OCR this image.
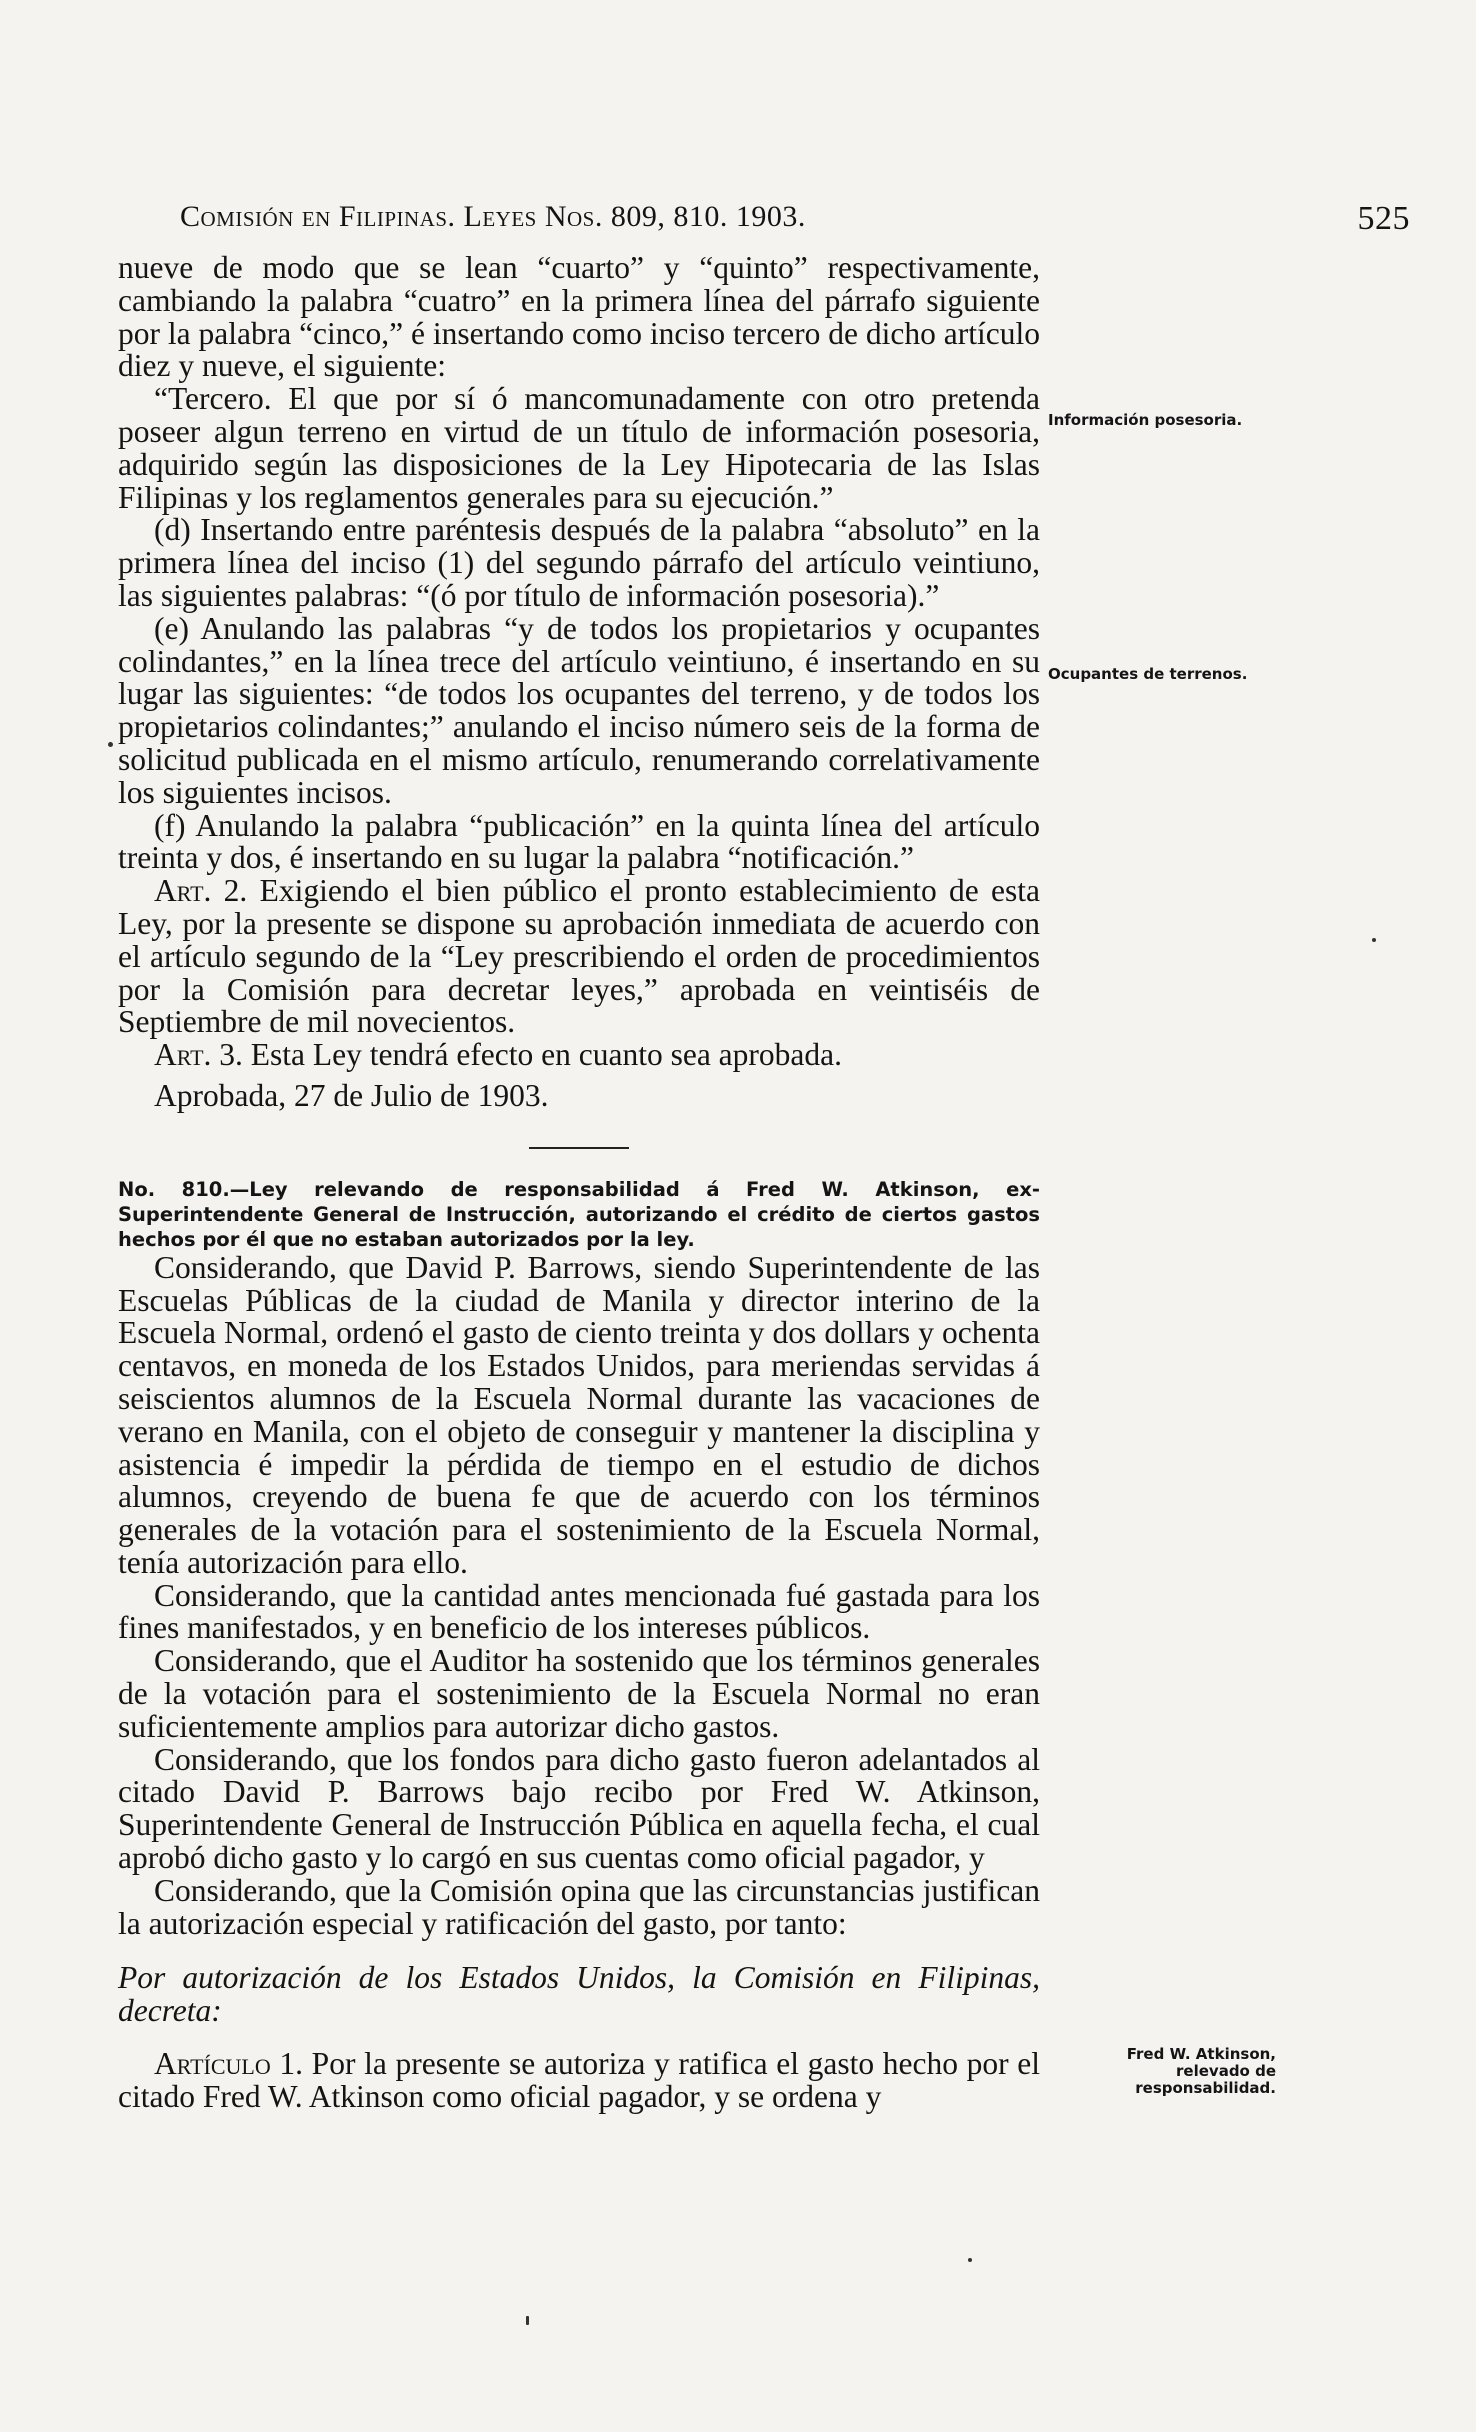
Comisión en Filipinas. Leyes Nos. 809, 810. 1903.	525

nueve de modo que se lean “cuarto” y “quinto” respectivamente, cambiando la palabra “cuatro” en la primera línea del párrafo siguiente por la palabra “cinco,” é insertando como inciso tercero de dicho artículo diez y nueve, el siguiente:

“Tercero. El que por sí ó mancomunadamente con otro pretenda poseer algun terreno en virtud de un título de información posesoria, adquirido según las disposiciones de la Ley Hipotecaria de las Islas Filipinas y los reglamentos generales para su ejecución.”

(d) Insertando entre paréntesis después de la palabra “absoluto” en la primera línea del inciso (1) del segundo párrafo del artículo veintiuno, las siguientes palabras: “(ó por título de información posesoria).”

(e) Anulando las palabras “y de todos los propietarios y ocupantes colindantes,” en la línea trece del artículo veintiuno, é insertando en su lugar las siguientes: “de todos los ocupantes del terreno, y de todos los propietarios colindantes;” anulando el inciso número seis de la forma de solicitud publicada en el mismo artículo, renumerando correlativamente los siguientes incisos.

(f) Anulando la palabra “publicación” en la quinta línea del artículo treinta y dos, é insertando en su lugar la palabra “notificación.”

Art. 2. Exigiendo el bien público el pronto establecimiento de esta Ley, por la presente se dispone su aprobación inmediata de acuerdo con el artículo segundo de la “Ley prescribiendo el orden de procedimientos por la Comisión para decretar leyes,” aprobada en veintiséis de Septiembre de mil novecientos.

Art. 3. Esta Ley tendrá efecto en cuanto sea aprobada.

Aprobada, 27 de Julio de 1903.

No. 810.—Ley relevando de responsabilidad á Fred W. Atkinson, ex-Superintendente General de Instrucción, autorizando el crédito de ciertos gastos hechos por él que no estaban autorizados por la ley.

Considerando, que David P. Barrows, siendo Superintendente de las Escuelas Públicas de la ciudad de Manila y director interino de la Escuela Normal, ordenó el gasto de ciento treinta y dos dollars y ochenta centavos, en moneda de los Estados Unidos, para meriendas servidas á seiscientos alumnos de la Escuela Normal durante las vacaciones de verano en Manila, con el objeto de conseguir y mantener la disciplina y asistencia é impedir la pérdida de tiempo en el estudio de dichos alumnos, creyendo de buena fe que de acuerdo con los términos generales de la votación para el sostenimiento de la Escuela Normal, tenía autorización para ello.

Considerando, que la cantidad antes mencionada fué gastada para los fines manifestados, y en beneficio de los intereses públicos.

Considerando, que el Auditor ha sostenido que los términos generales de la votación para el sostenimiento de la Escuela Normal no eran suficientemente amplios para autorizar dicho gastos.

Considerando, que los fondos para dicho gasto fueron adelantados al citado David P. Barrows bajo recibo por Fred W. Atkinson, Superintendente General de Instrucción Pública en aquella fecha, el cual aprobó dicho gasto y lo cargó en sus cuentas como oficial pagador, y

Considerando, que la Comisión opina que las circunstancias justifican la autorización especial y ratificación del gasto, por tanto:

Por autorización de los Estados Unidos, la Comisión en Filipinas, decreta:

Artículo 1. Por la presente se autoriza y ratifica el gasto hecho por el citado Fred W. Atkinson como oficial pagador, y se ordena y

Información posesoria.
Ocupantes de terrenos.
Fred W. Atkinson, relevado de responsabilidad.
